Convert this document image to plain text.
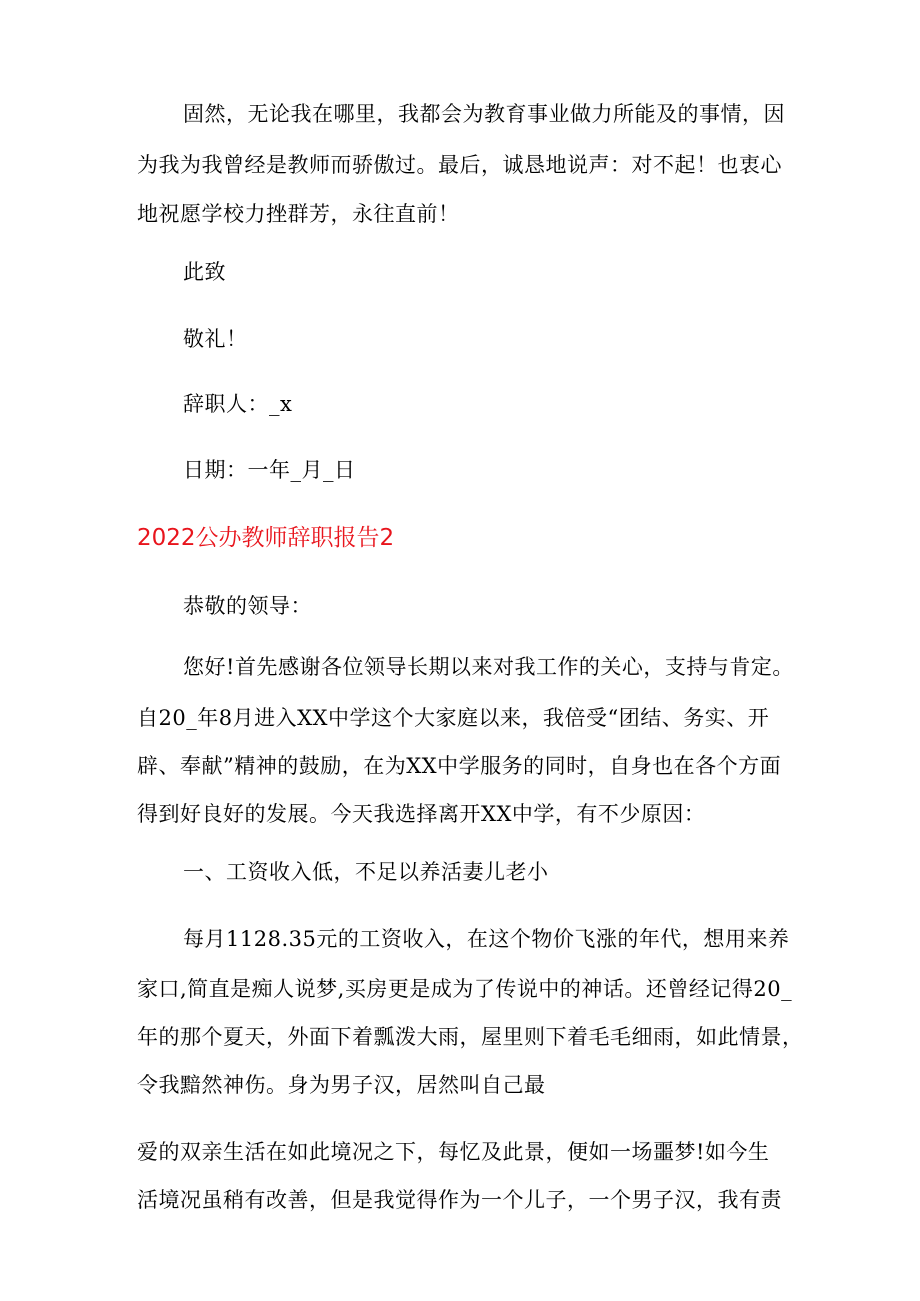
固然，无论我在哪里，我都会为教育事业做力所能及的事情，因
为我为我曾经是教师而骄傲过。最后，诚恳地说声：对不起！也衷心
地祝愿学校力挫群芳，永往直前！
此致
敬礼！
辞职人：_x
日期：一年_月_日
2022公办教师辞职报告2
恭敬的领导：
您好!首先感谢各位领导长期以来对我工作的关心，支持与肯定。
自20_年8月进入XX中学这个大家庭以来，我倍受“团结、务实、开
辟、奉献”精神的鼓励，在为XX中学服务的同时，自身也在各个方面
得到好良好的发展。今天我选择离开XX中学，有不少原因：
一、工资收入低，不足以养活妻儿老小
每月1128.35元的工资收入，在这个物价飞涨的年代，想用来养
家口,简直是痴人说梦,买房更是成为了传说中的神话。还曾经记得20_
年的那个夏天，外面下着瓢泼大雨，屋里则下着毛毛细雨，如此情景，
令我黯然神伤。身为男子汉，居然叫自己最
爱的双亲生活在如此境况之下，每忆及此景，便如一场噩梦!如今生
活境况虽稍有改善，但是我觉得作为一个儿子，一个男子汉，我有责
